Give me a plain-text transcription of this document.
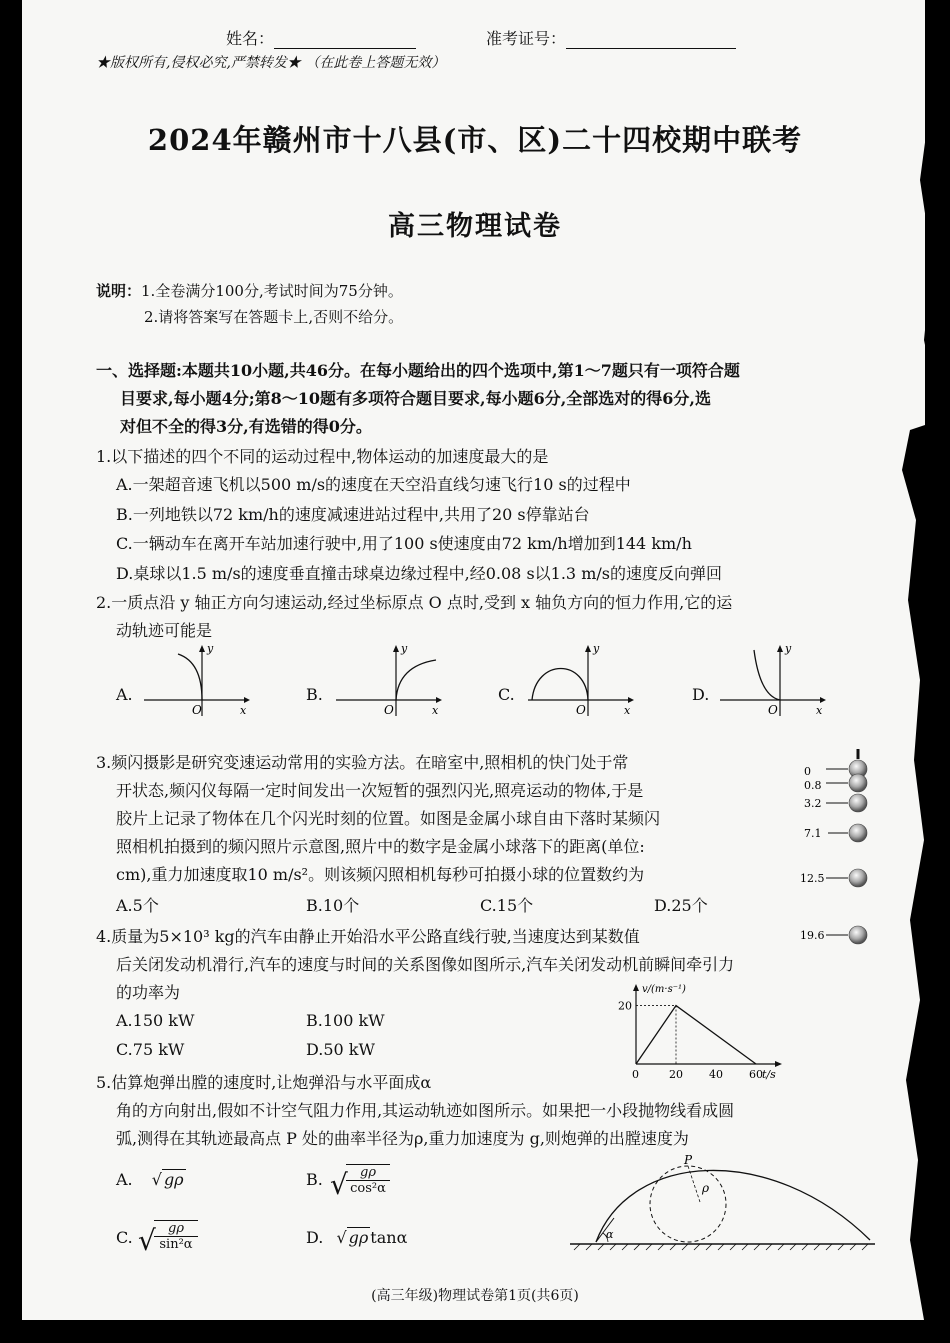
姓名：	准考证号：
★版权所有,侵权必究,严禁转发★ （在此卷上答题无效）
2024年赣州市十八县(市、区)二十四校期中联考
高三物理试卷
说明：1.全卷满分100分,考试时间为75分钟。
2.请将答案写在答题卡上,否则不给分。
一、选择题:本题共10小题,共46分。在每小题给出的四个选项中,第1～7题只有一项符合题
目要求,每小题4分;第8～10题有多项符合题目要求,每小题6分,全部选对的得6分,选
对但不全的得3分,有选错的得0分。
1.以下描述的四个不同的运动过程中,物体运动的加速度最大的是
A.一架超音速飞机以500 m/s的速度在天空沿直线匀速飞行10 s的过程中
B.一列地铁以72 km/h的速度减速进站过程中,共用了20 s停靠站台
C.一辆动车在离开车站加速行驶中,用了100 s使速度由72 km/h增加到144 km/h
D.桌球以1.5 m/s的速度垂直撞击球桌边缘过程中,经0.08 s以1.3 m/s的速度反向弹回
2.一质点沿 y 轴正方向匀速运动,经过坐标原点 O 点时,受到 x 轴负方向的恒力作用,它的运
动轨迹可能是
A.	B.	C.	D.
O	x
y
O	x
y
O	x
y
O	x
y
3.频闪摄影是研究变速运动常用的实验方法。在暗室中,照相机的快门处于常
开状态,频闪仪每隔一定时间发出一次短暂的强烈闪光,照亮运动的物体,于是
胶片上记录了物体在几个闪光时刻的位置。如图是金属小球自由下落时某频闪
照相机拍摄到的频闪照片示意图,照片中的数字是金属小球落下的距离(单位:
cm),重力加速度取10 m/s²。则该频闪照相机每秒可拍摄小球的位置数约为
A.5个	B.10个	C.15个	D.25个
0
0.8
3.2
7.1
12.5
19.6
4.质量为5×10³ kg的汽车由静止开始沿水平公路直线行驶,当速度达到某数值
后关闭发动机滑行,汽车的速度与时间的关系图像如图所示,汽车关闭发动机前瞬间牵引力
的功率为
A.150 kW	B.100 kW
C.75 kW	D.50 kW
v/(m·s⁻¹)
t/s
0	20 40 60
20
5.估算炮弹出膛的速度时,让炮弹沿与水平面成α
角的方向射出,假如不计空气阻力作用,其运动轨迹如图所示。如果把一小段抛物线看成圆
弧,测得在其轨迹最高点 P 处的曲率半径为ρ,重力加速度为 g,则炮弹的出膛速度为
A. √ gρ	B. √
$\frac{g\rho}{\text{cos²α}}$
C. √
$\frac{g\rho}{\text{sin²α}}$	D. √ gρ tanα
P
ρ
α
(高三年级)物理试卷第1页(共6页)
